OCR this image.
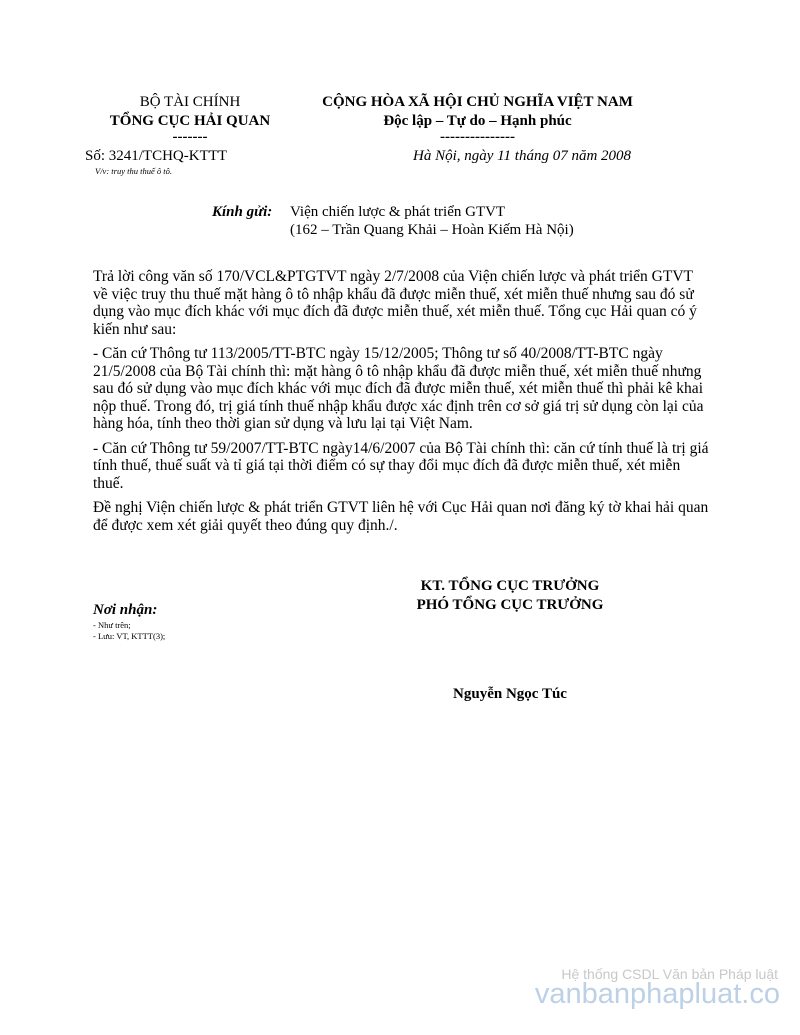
BỘ TÀI CHÍNH
TỔNG CỤC HẢI QUAN
-------
CỘNG HÒA XÃ HỘI CHỦ NGHĨA VIỆT NAM
Độc lập – Tự do – Hạnh phúc
---------------
Số: 3241/TCHQ-KTTT
V/v: truy thu thuế ô tô.
Hà Nội, ngày 11 tháng 07 năm 2008
Kính gửi: Viện chiến lược & phát triển GTVT
(162 – Trần Quang Khải – Hoàn Kiếm Hà Nội)

Trả lời công văn số 170/VCL&PTGTVT ngày 2/7/2008 của Viện chiến lược và phát triển GTVT về việc truy thu thuế mặt hàng ô tô nhập khẩu đã được miễn thuế, xét miễn thuế nhưng sau đó sử dụng vào mục đích khác với mục đích đã được miễn thuế, xét miễn thuế. Tổng cục Hải quan có ý kiến như sau:

- Căn cứ Thông tư 113/2005/TT-BTC ngày 15/12/2005; Thông tư số 40/2008/TT-BTC ngày 21/5/2008 của Bộ Tài chính thì: mặt hàng ô tô nhập khẩu đã được miễn thuế, xét miễn thuế nhưng sau đó sử dụng vào mục đích khác với mục đích đã được miễn thuế, xét miễn thuế thì phải kê khai nộp thuế. Trong đó, trị giá tính thuế nhập khẩu được xác định trên cơ sở giá trị sử dụng còn lại của hàng hóa, tính theo thời gian sử dụng và lưu lại tại Việt Nam.

- Căn cứ Thông tư 59/2007/TT-BTC ngày14/6/2007 của Bộ Tài chính thì: căn cứ tính thuế là trị giá tính thuế, thuế suất và tỉ giá tại thời điểm có sự thay đổi mục đích đã được miễn thuế, xét miễn thuế.

Đề nghị Viện chiến lược & phát triển GTVT liên hệ với Cục Hải quan nơi đăng ký tờ khai hải quan để được xem xét giải quyết theo đúng quy định./.

KT. TỔNG CỤC TRƯỞNG
PHÓ TỔNG CỤC TRƯỞNG
Nguyễn Ngọc Túc
Nơi nhận:
- Như trên;
- Lưu: VT, KTTT(3);
Hệ thống CSDL Văn bản Pháp luật
vanbanphapluat.co
